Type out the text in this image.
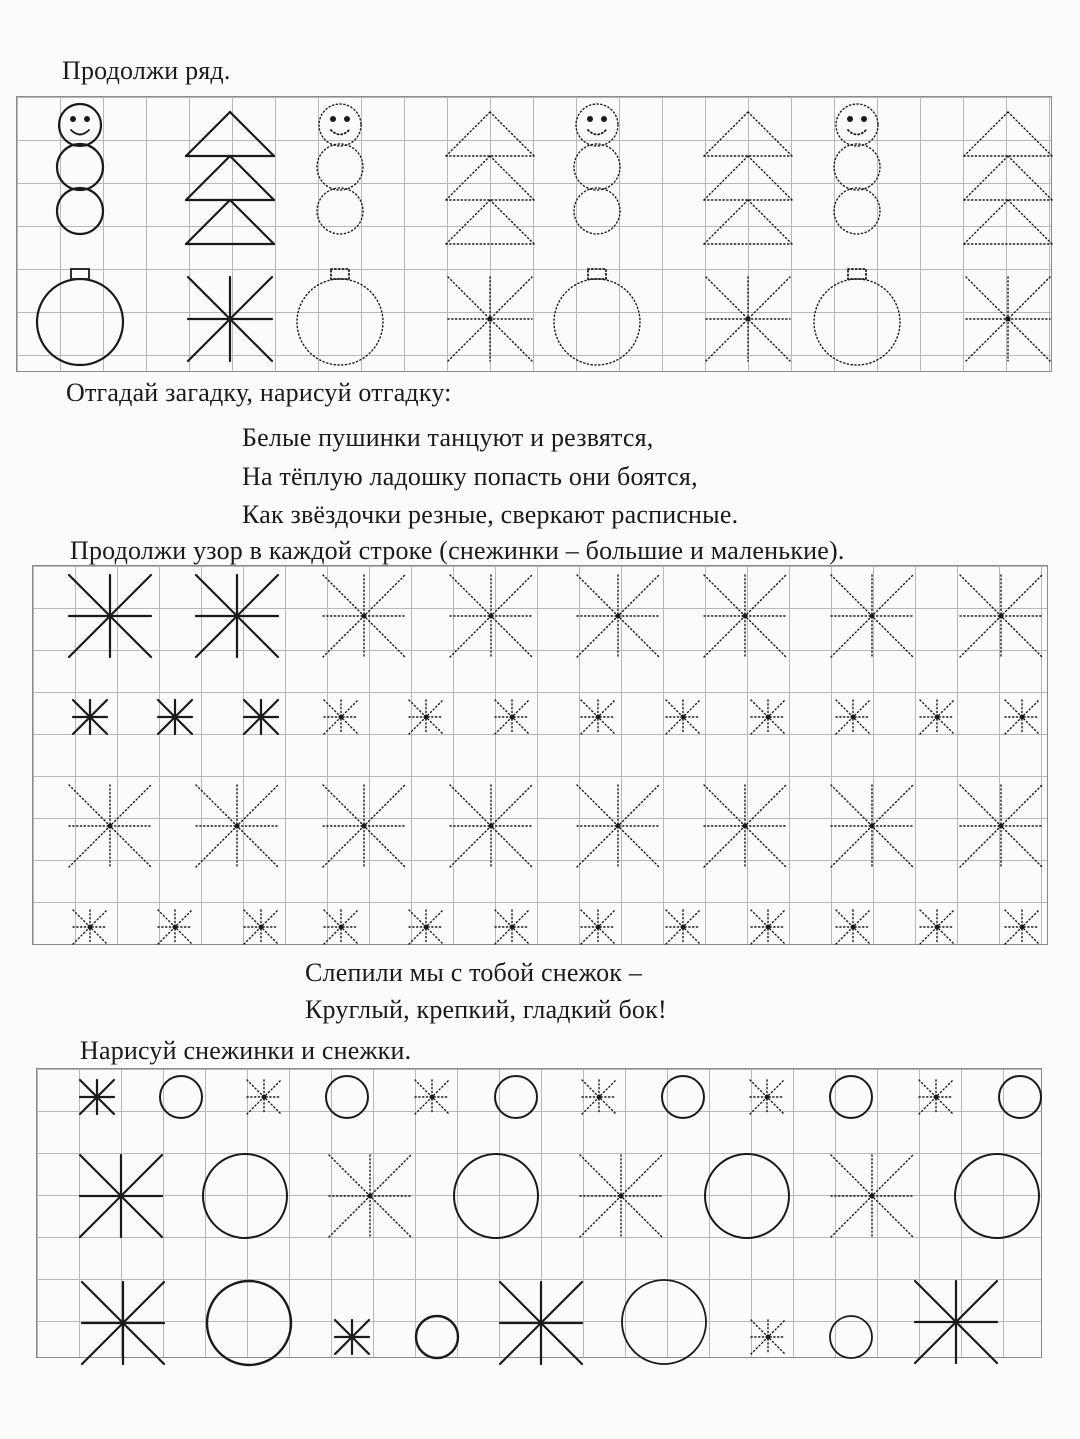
Продолжи ряд.
Отгадай загадку, нарисуй отгадку:
Белые пушинки танцуют и резвятся,
На тёплую ладошку попасть они боятся,
Как звёздочки резные, сверкают расписные.
Продолжи узор в каждой строке (снежинки – большие и маленькие).
Слепили мы с тобой снежок –
Круглый, крепкий, гладкий бок!
Нарисуй снежинки и снежки.
